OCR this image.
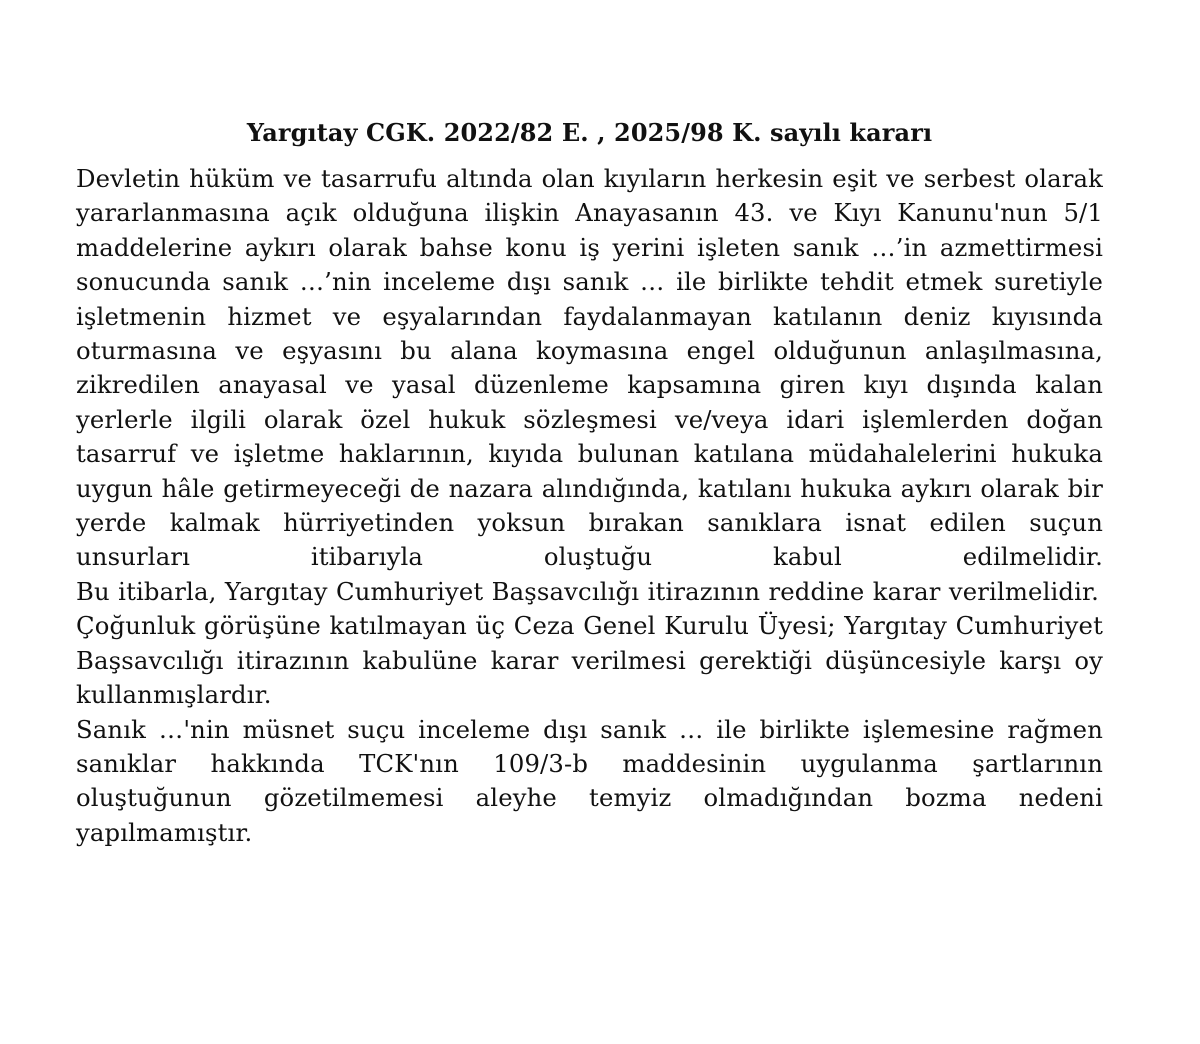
Yargıtay CGK. 2022/82 E. , 2025/98 K. sayılı kararı

Devletin hüküm ve tasarrufu altında olan kıyıların herkesin eşit ve serbest olarak yararlanmasına açık olduğuna ilişkin Anayasanın 43. ve Kıyı Kanunu'nun 5/1 maddelerine aykırı olarak bahse konu iş yerini işleten sanık …’in azmettirmesi sonucunda sanık …’nin inceleme dışı sanık … ile birlikte tehdit etmek suretiyle işletmenin hizmet ve eşyalarından faydalanmayan katılanın deniz kıyısında oturmasına ve eşyasını bu alana koymasına engel olduğunun anlaşılmasına, zikredilen anayasal ve yasal düzenleme kapsamına giren kıyı dışında kalan yerlerle ilgili olarak özel hukuk sözleşmesi ve/veya idari işlemlerden doğan tasarruf ve işletme haklarının, kıyıda bulunan katılana müdahalelerini hukuka uygun hâle getirmeyeceği de nazara alındığında, katılanı hukuka aykırı olarak bir yerde kalmak hürriyetinden yoksun bırakan sanıklara isnat edilen suçun unsurları itibarıyla oluştuğu kabul edilmelidir.

Bu itibarla, Yargıtay Cumhuriyet Başsavcılığı itirazının reddine karar verilmelidir.

Çoğunluk görüşüne katılmayan üç Ceza Genel Kurulu Üyesi; Yargıtay Cumhuriyet Başsavcılığı itirazının kabulüne karar verilmesi gerektiği düşüncesiyle karşı oy kullanmışlardır.

Sanık …'nin müsnet suçu inceleme dışı sanık … ile birlikte işlemesine rağmen sanıklar hakkında TCK'nın 109/3-b maddesinin uygulanma şartlarının oluştuğunun gözetilmemesi aleyhe temyiz olmadığından bozma nedeni yapılmamıştır.
